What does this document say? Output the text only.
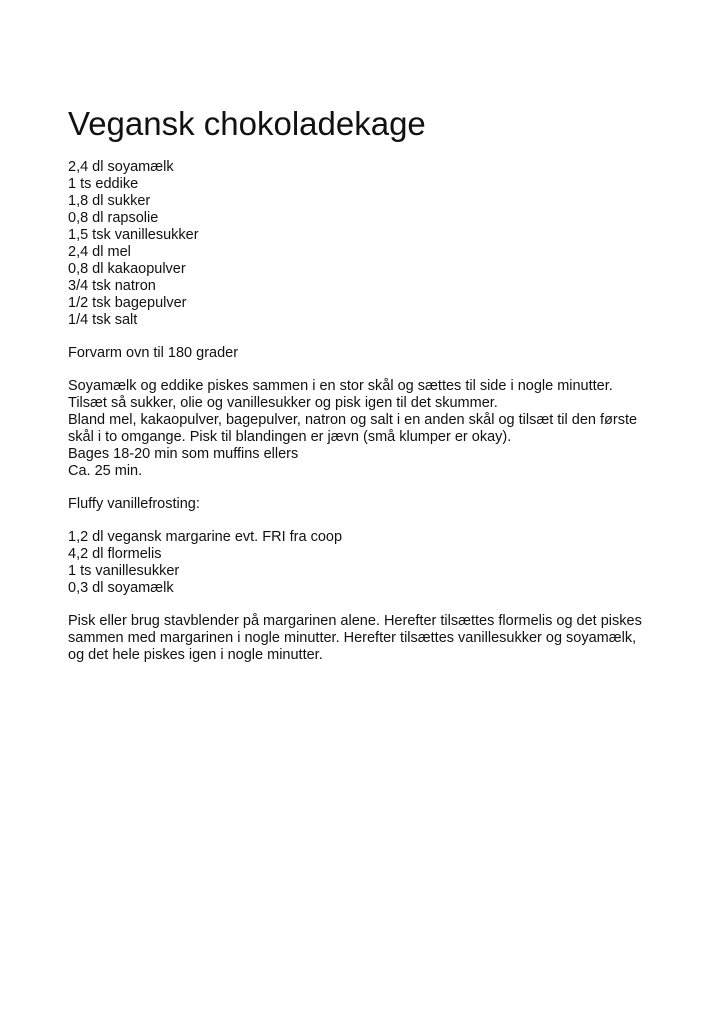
Vegansk chokoladekage
2,4 dl soyamælk
1 ts eddike
1,8 dl sukker
0,8 dl rapsolie
1,5 tsk vanillesukker
2,4 dl mel
0,8 dl kakaopulver
3/4 tsk natron
1/2 tsk bagepulver
1/4 tsk salt
Forvarm ovn til 180 grader
Soyamælk og eddike piskes sammen i en stor skål og sættes til side i nogle minutter.
Tilsæt så sukker, olie og vanillesukker og pisk igen til det skummer.
Bland mel, kakaopulver, bagepulver, natron og salt i en anden skål og tilsæt til den første
skål i to omgange. Pisk til blandingen er jævn (små klumper er okay).
Bages 18-20 min som muffins ellers
Ca. 25 min.
Fluffy vanillefrosting:
1,2 dl vegansk margarine evt. FRI fra coop
4,2 dl flormelis
1 ts vanillesukker
0,3 dl soyamælk
Pisk eller brug stavblender på margarinen alene. Herefter tilsættes flormelis og det piskes
sammen med margarinen i nogle minutter. Herefter tilsættes vanillesukker og soyamælk,
og det hele piskes igen i nogle minutter.
